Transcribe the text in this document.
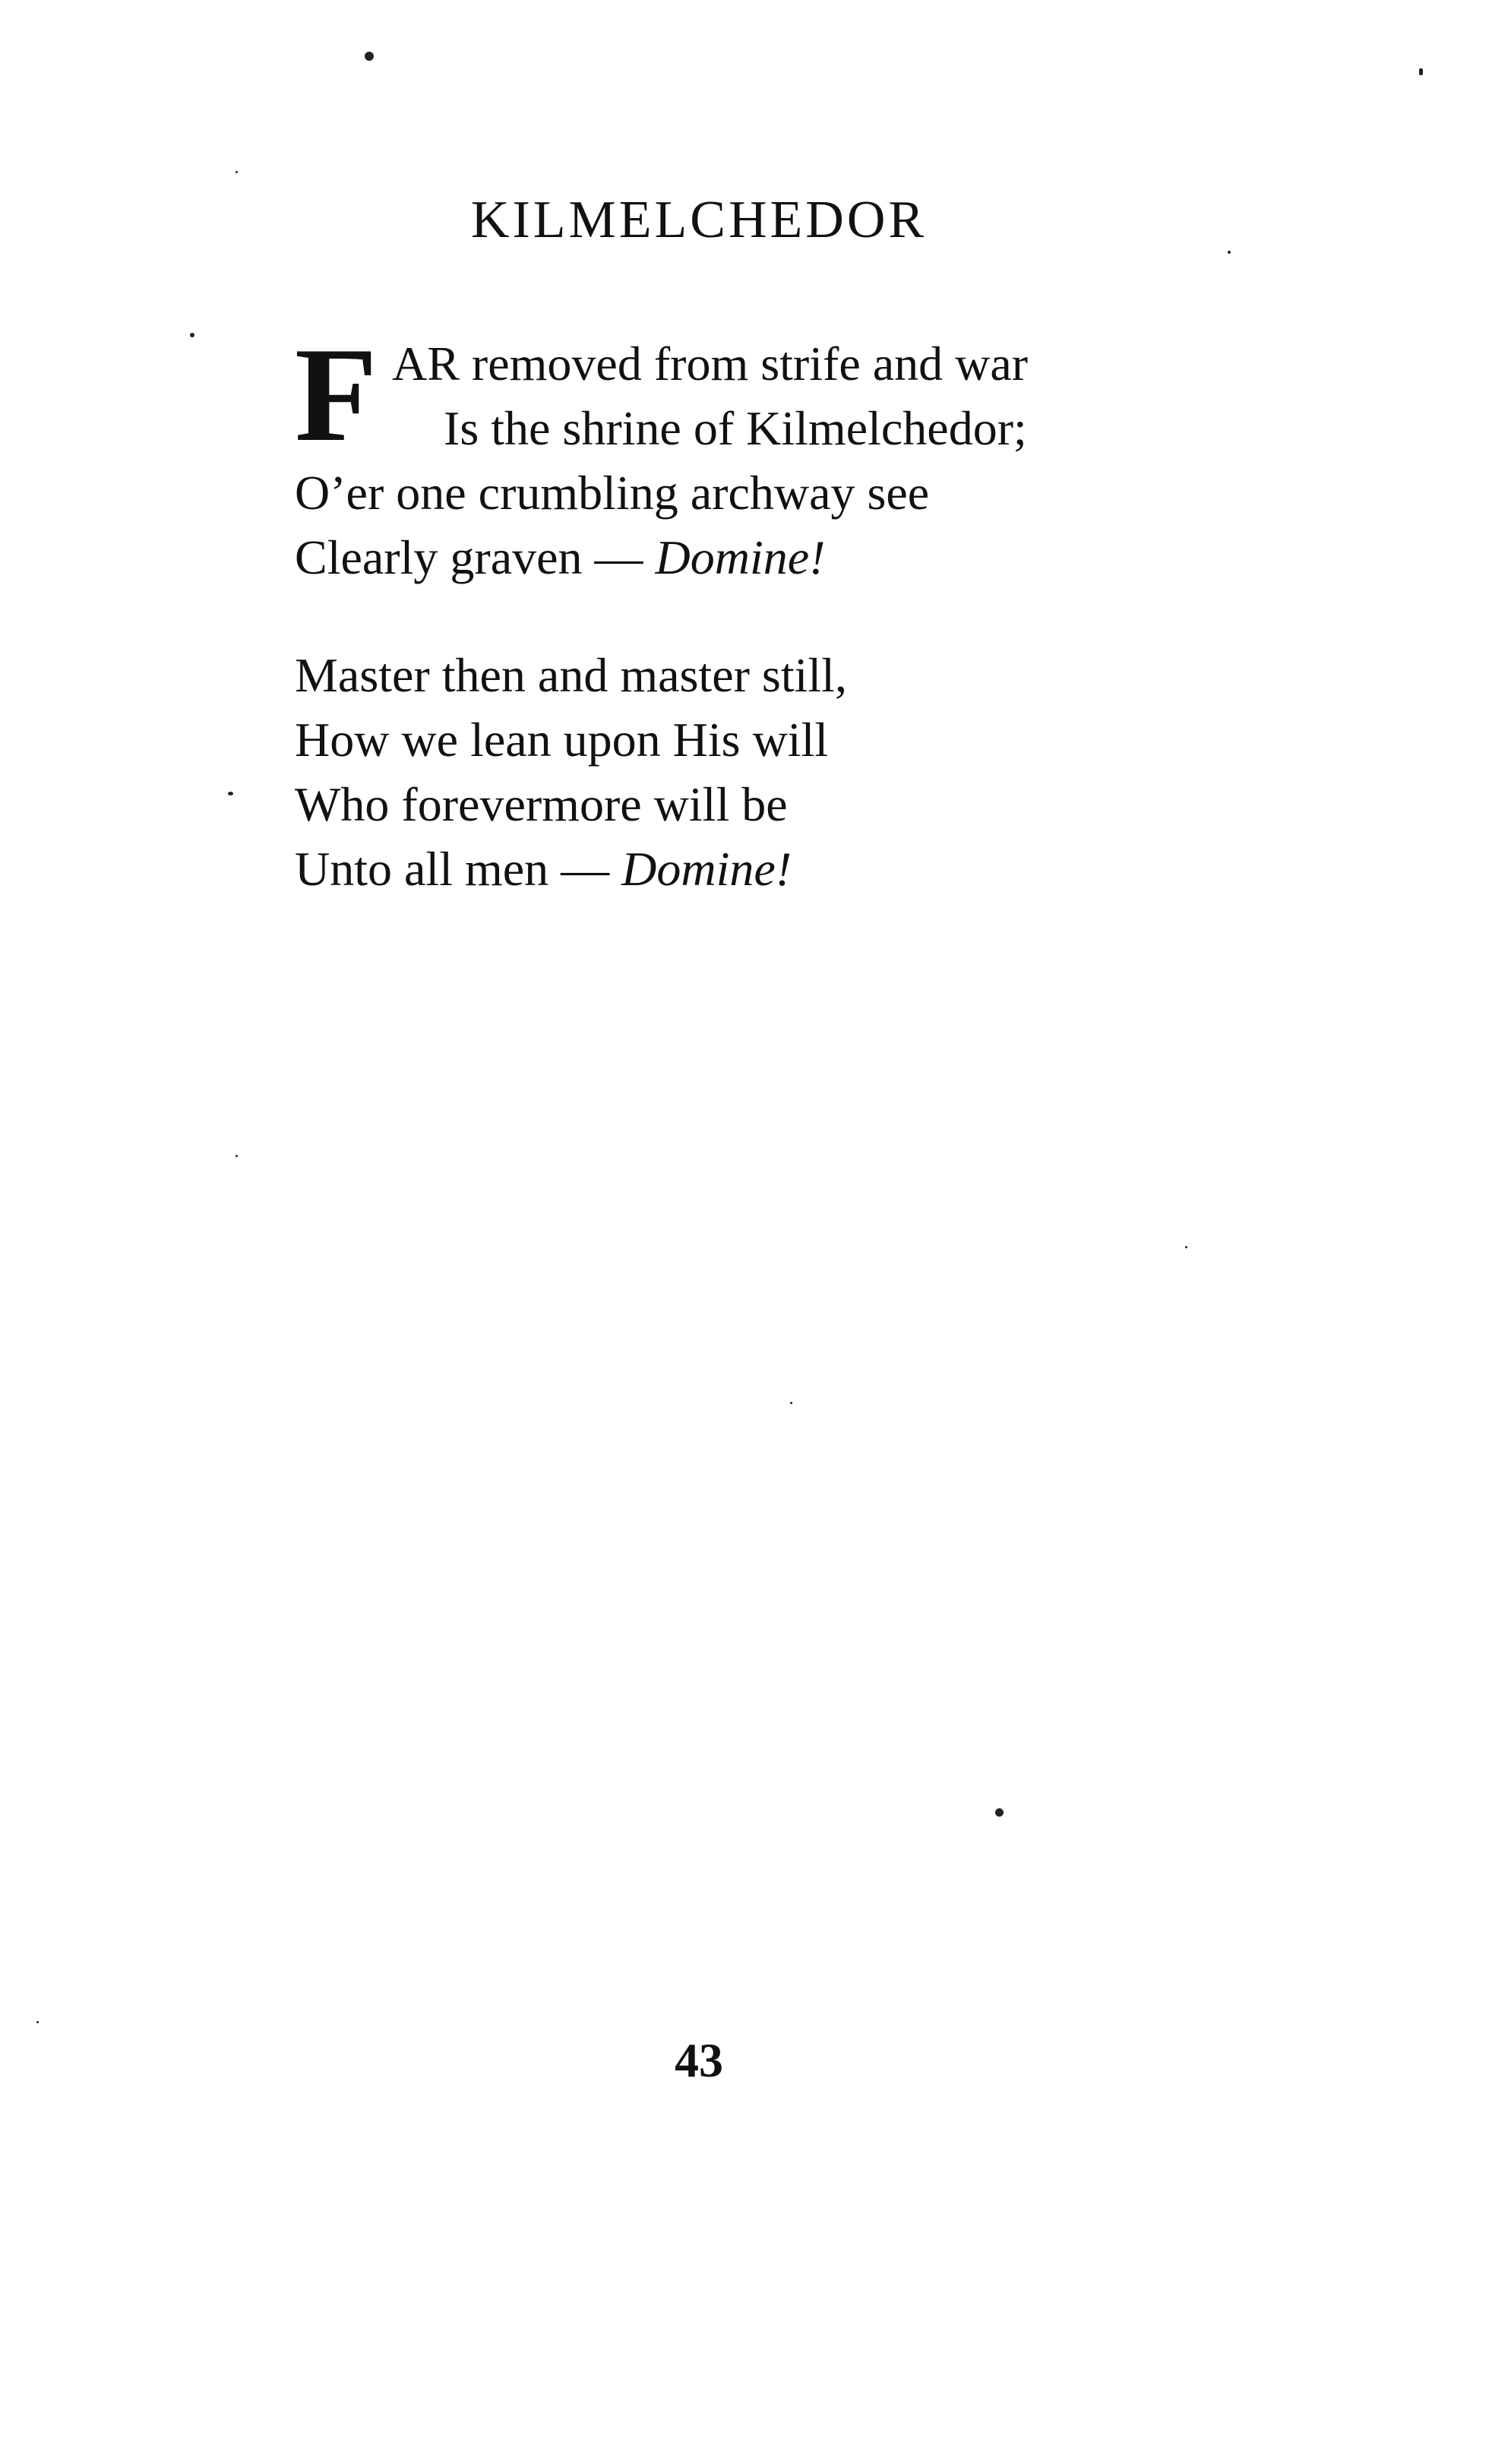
KILMELCHEDOR
F AR removed from strife and war
Is the shrine of Kilmelchedor;
O’er one crumbling archway see
Clearly graven — Domine!
Master then and master still,
How we lean upon His will
Who forevermore will be
Unto all men — Domine!
43
